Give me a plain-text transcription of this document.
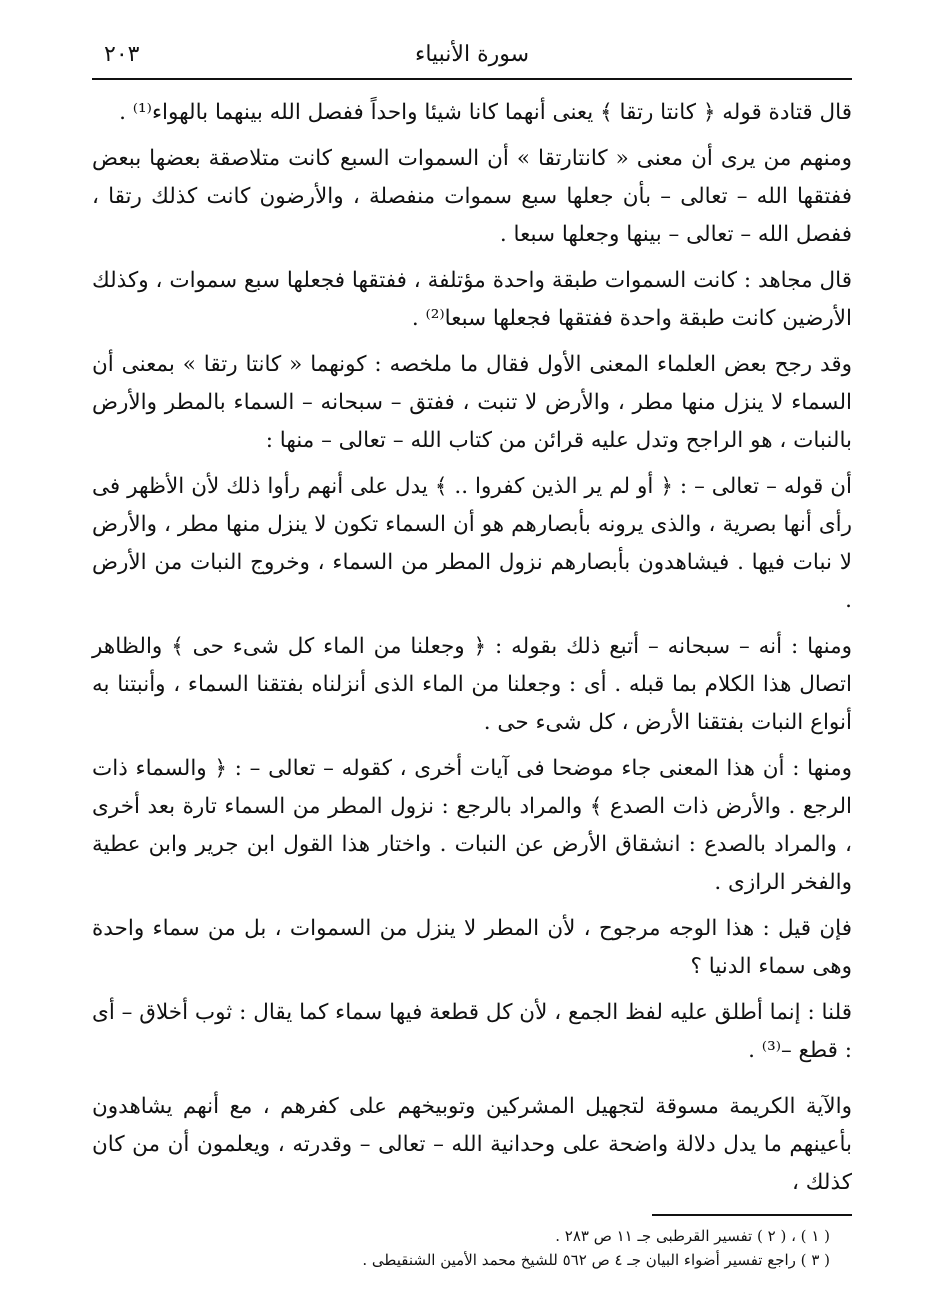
سورة الأنبياء
٢٠٣

قال قتادة قوله ﴿ كانتا رتقا ﴾ يعنى أنهما كانا شيئا واحداً ففصل الله بينهما بالهواء⁽¹⁾ .

ومنهم من يرى أن معنى « كانتارتقا » أن السموات السبع كانت متلاصقة بعضها ببعض ففتقها الله – تعالى – بأن جعلها سبع سموات منفصلة ، والأرضون كانت كذلك رتقا ، ففصل الله – تعالى – بينها وجعلها سبعا .

قال مجاهد : كانت السموات طبقة واحدة مؤتلفة ، ففتقها فجعلها سبع سموات ، وكذلك الأرضين كانت طبقة واحدة ففتقها فجعلها سبعا⁽²⁾ .

وقد رجح بعض العلماء المعنى الأول فقال ما ملخصه : كونهما « كانتا رتقا » بمعنى أن السماء لا ينزل منها مطر ، والأرض لا تنبت ، ففتق – سبحانه – السماء بالمطر والأرض بالنبات ، هو الراجح وتدل عليه قرائن من كتاب الله – تعالى – منها :

أن قوله – تعالى – : ﴿ أو لم ير الذين كفروا .. ﴾ يدل على أنهم رأوا ذلك لأن الأظهر فى رأى أنها بصرية ، والذى يرونه بأبصارهم هو أن السماء تكون لا ينزل منها مطر ، والأرض لا نبات فيها . فيشاهدون بأبصارهم نزول المطر من السماء ، وخروج النبات من الأرض .

ومنها : أنه – سبحانه – أتبع ذلك بقوله : ﴿ وجعلنا من الماء كل شىء حى ﴾ والظاهر اتصال هذا الكلام بما قبله . أى : وجعلنا من الماء الذى أنزلناه بفتقنا السماء ، وأنبتنا به أنواع النبات بفتقنا الأرض ، كل شىء حى .

ومنها : أن هذا المعنى جاء موضحا فى آيات أخرى ، كقوله – تعالى – : ﴿ والسماء ذات الرجع . والأرض ذات الصدع ﴾ والمراد بالرجع : نزول المطر من السماء تارة بعد أخرى ، والمراد بالصدع : انشقاق الأرض عن النبات . واختار هذا القول ابن جرير وابن عطية والفخر الرازى .

فإن قيل : هذا الوجه مرجوح ، لأن المطر لا ينزل من السموات ، بل من سماء واحدة وهى سماء الدنيا ؟

قلنا : إنما أطلق عليه لفظ الجمع ، لأن كل قطعة فيها سماء كما يقال : ثوب أخلاق – أى : قطع –⁽³⁾ .

والآية الكريمة مسوقة لتجهيل المشركين وتوبيخهم على كفرهم ، مع أنهم يشاهدون بأعينهم ما يدل دلالة واضحة على وحدانية الله – تعالى – وقدرته ، ويعلمون أن من كان كذلك ،

( ١ ) ، ( ٢ ) تفسير القرطبى جـ ١١ ص ٢٨٣ .

( ٣ ) راجع تفسير أضواء البيان جـ ٤ ص ٥٦٢ للشيخ محمد الأمين الشنقيطى .
